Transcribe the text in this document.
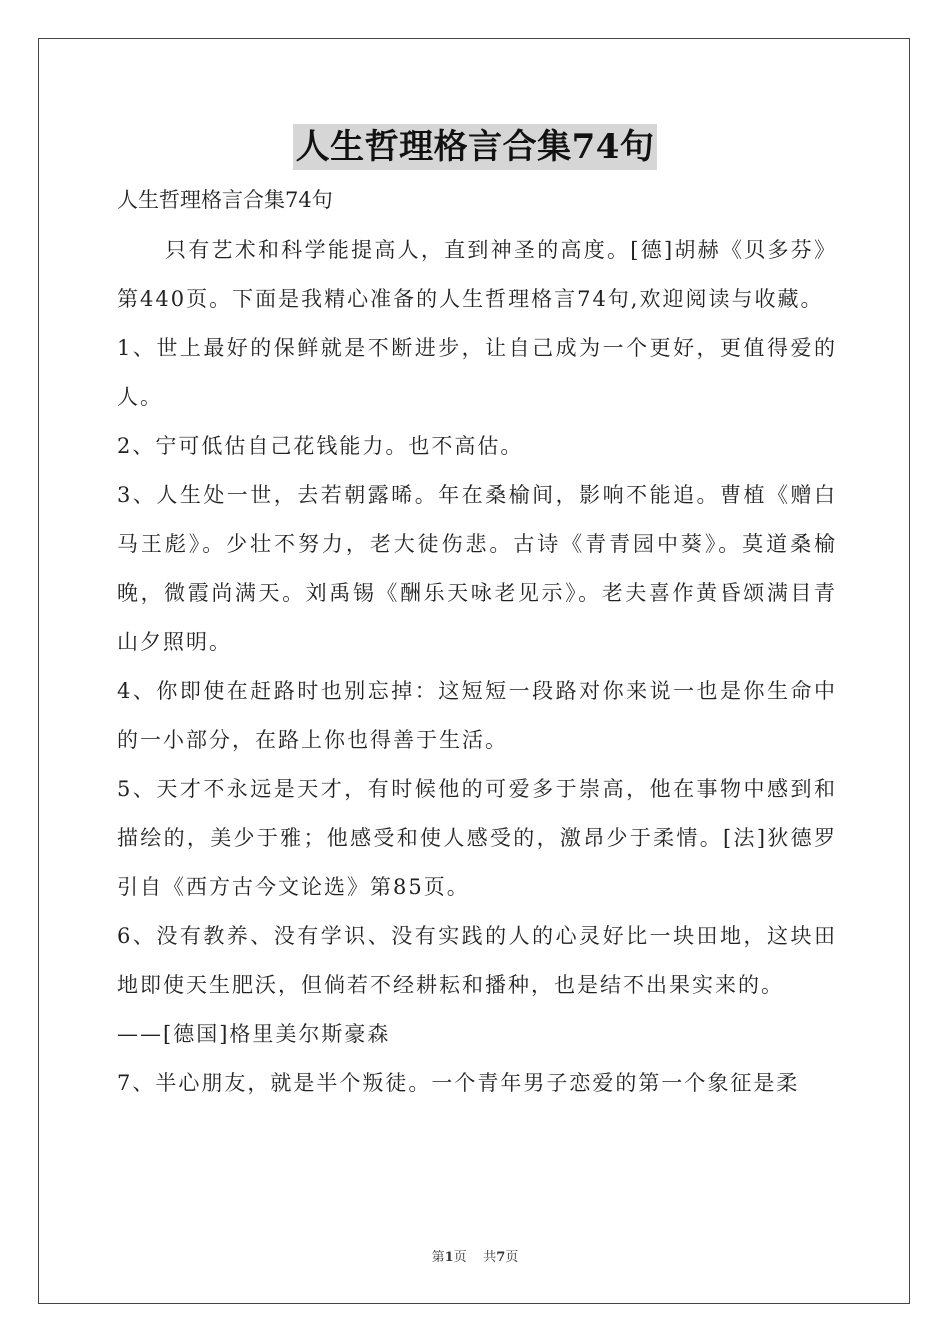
人生哲理格言合集74句
人生哲理格言合集74句

只有艺术和科学能提高人，直到神圣的高度。[德]胡赫《贝多芬》第440页。下面是我精心准备的人生哲理格言74句,欢迎阅读与收藏。

1、世上最好的保鲜就是不断进步，让自己成为一个更好，更值得爱的人。

2、宁可低估自己花钱能力。也不高估。

3、人生处一世，去若朝露晞。年在桑榆间，影响不能追。曹植《赠白马王彪》。少壮不努力，老大徒伤悲。古诗《青青园中葵》。莫道桑榆晚，微霞尚满天。刘禹锡《酬乐天咏老见示》。老夫喜作黄昏颂满目青山夕照明。

4、你即使在赶路时也别忘掉：这短短一段路对你来说一也是你生命中的一小部分，在路上你也得善于生活。

5、天才不永远是天才，有时候他的可爱多于崇高，他在事物中感到和描绘的，美少于雅；他感受和使人感受的，激昂少于柔情。[法]狄德罗引自《西方古今文论选》第85页。

6、没有教养、没有学识、没有实践的人的心灵好比一块田地，这块田地即使天生肥沃，但倘若不经耕耘和播种，也是结不出果实来的。

——[德国]格里美尔斯豪森

7、半心朋友，就是半个叛徒。一个青年男子恋爱的第一个象征是柔

第1页 共7页
